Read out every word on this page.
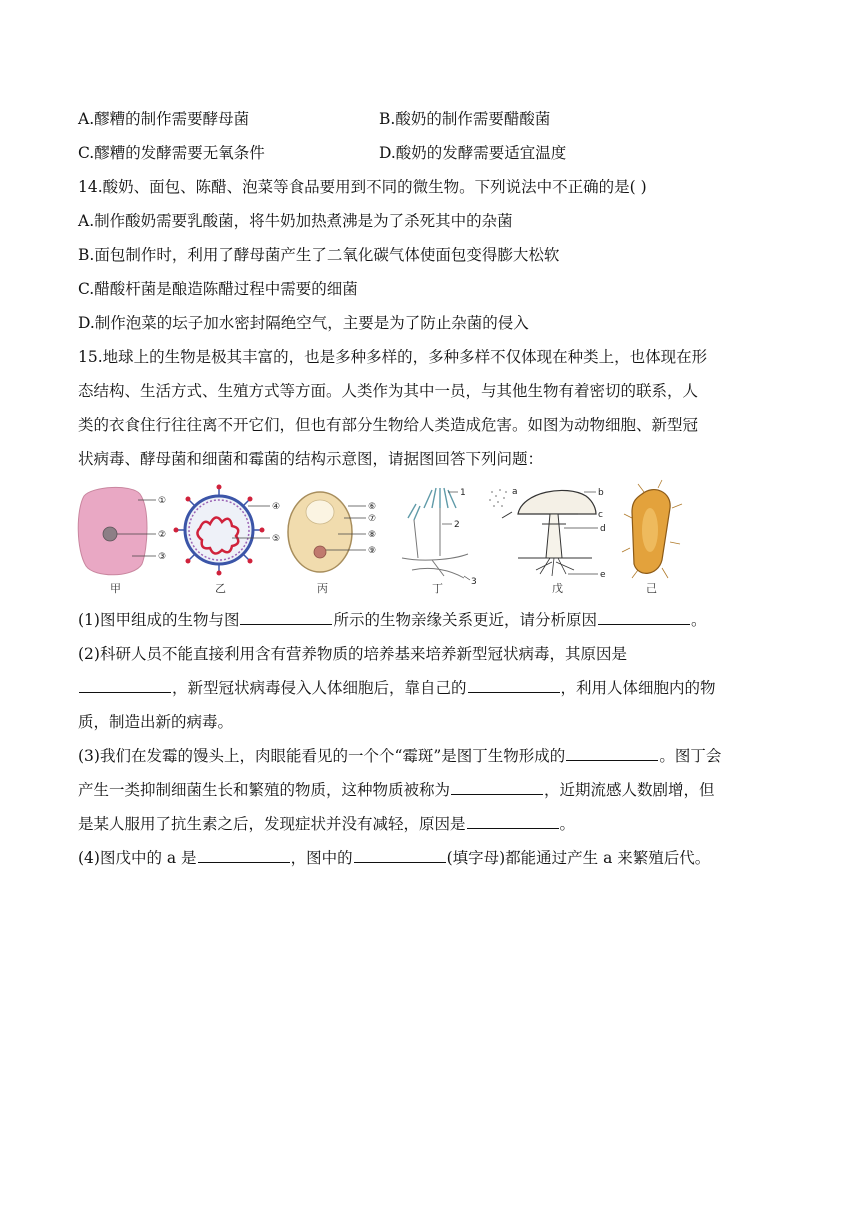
A.醪糟的制作需要酵母菌	B.酸奶的制作需要醋酸菌
C.醪糟的发酵需要无氧条件	D.酸奶的发酵需要适宜温度
14.酸奶、面包、陈醋、泡菜等食品要用到不同的微生物。下列说法中不正确的是( )
A.制作酸奶需要乳酸菌，将牛奶加热煮沸是为了杀死其中的杂菌
B.面包制作时，利用了酵母菌产生了二氧化碳气体使面包变得膨大松软
C.醋酸杆菌是酿造陈醋过程中需要的细菌
D.制作泡菜的坛子加水密封隔绝空气，主要是为了防止杂菌的侵入
15.地球上的生物是极其丰富的，也是多种多样的，多种多样不仅体现在种类上，也体现在形
态结构、生活方式、生殖方式等方面。人类作为其中一员，与其他生物有着密切的联系，人
类的衣食住行往往离不开它们，但也有部分生物给人类造成危害。如图为动物细胞、新型冠
状病毒、酵母菌和细菌和霉菌的结构示意图，请据图回答下列问题：
①
②
③
④
⑤
⑥
⑦
⑧
⑨
1
2
3
a	b
c
d
e
甲	乙	丙	丁	戊	己
(1)图甲组成的生物与图	所示的生物亲缘关系更近，请分析原因	。
(2)科研人员不能直接利用含有营养物质的培养基来培养新型冠状病毒，其原因是
，新型冠状病毒侵入人体细胞后，靠自己的	，利用人体细胞内的物
质，制造出新的病毒。
(3)我们在发霉的馒头上，肉眼能看见的一个个“霉斑”是图丁生物形成的	。图丁会
产生一类抑制细菌生长和繁殖的物质，这种物质被称为	，近期流感人数剧增，但
是某人服用了抗生素之后，发现症状并没有减轻，原因是	。
(4)图戊中的 a 是	，图中的	(填字母)都能通过产生 a 来繁殖后代。
